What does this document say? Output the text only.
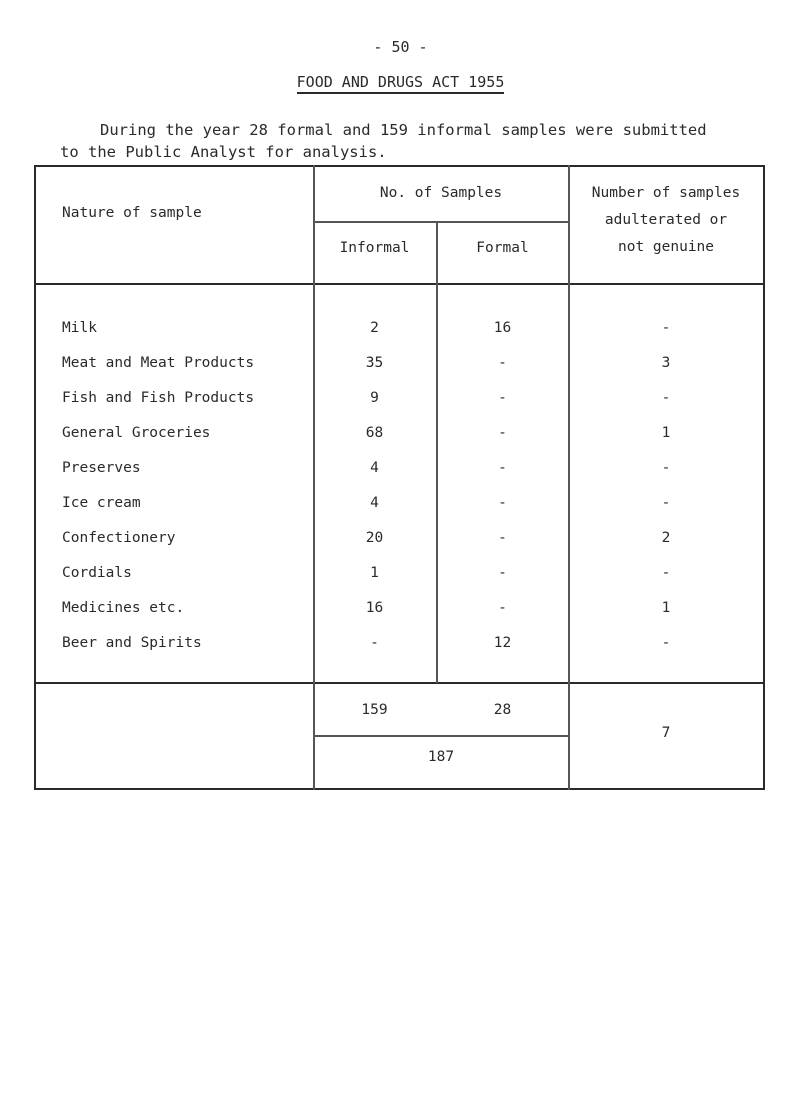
- 50 -
FOOD AND DRUGS ACT 1955
During the year 28 formal and 159 informal samples were submitted
to the Public Analyst for analysis.
Nature of sample
No. of Samples
Informal	Formal
Number of samples
adulterated or
not genuine
Milk	2	16	-
Meat and Meat Products	35	-	3
Fish and Fish Products	9	-	-
General Groceries	68	-	1
Preserves	4	-	-
Ice cream	4	-	-
Confectionery	20	-	2
Cordials	1	-	-
Medicines etc.	16	-	1
Beer and Spirits	-	12	-
159	28
187
7
